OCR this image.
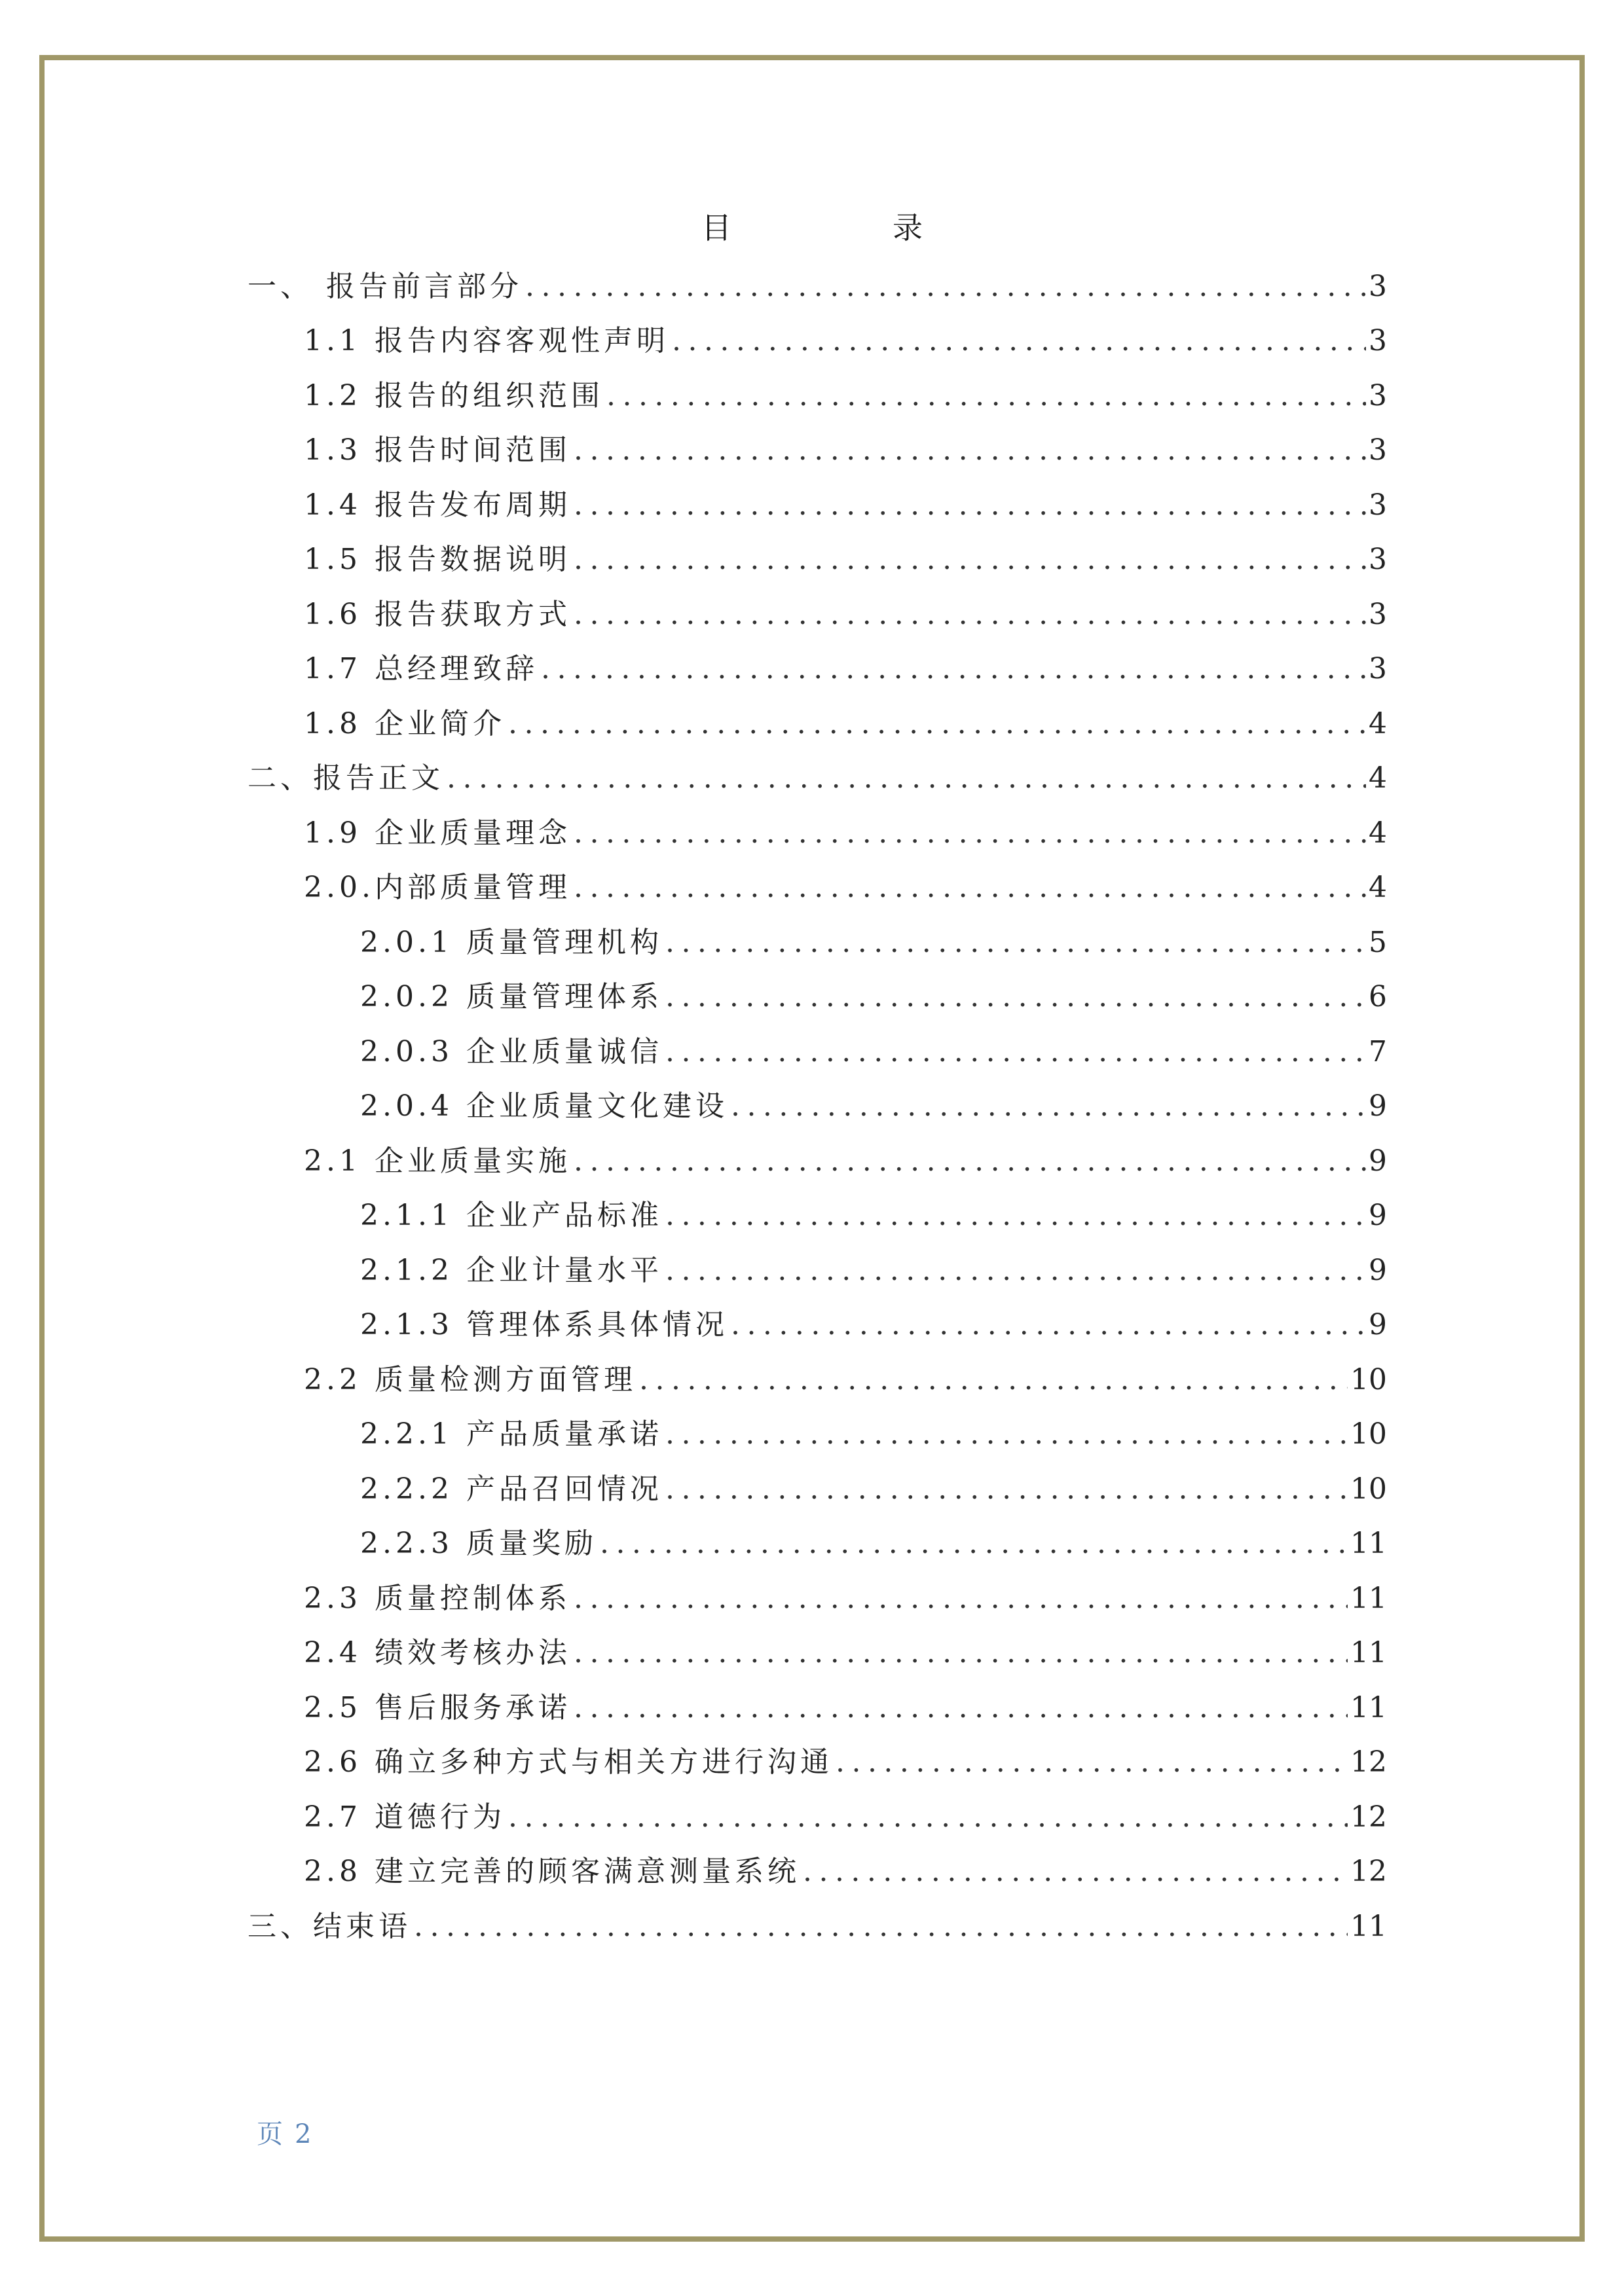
目　录
一、 报告前言部分 .....	3
1.1 报告内容客观性声明 .....	3
1.2 报告的组织范围 .....	3
1.3 报告时间范围 .....	3
1.4 报告发布周期 .....	3
1.5 报告数据说明 .....	3
1.6 报告获取方式 .....	3
1.7 总经理致辞 .....	3
1.8 企业简介 .....	4
二、报告正文 .....	4
1.9 企业质量理念 .....	4
2.0.内部质量管理 .....	4
2.0.1 质量管理机构 .....	5
2.0.2 质量管理体系 .....	6
2.0.3 企业质量诚信 .....	7
2.0.4 企业质量文化建设 .....	9
2.1 企业质量实施 .....	9
2.1.1 企业产品标准 .....	9
2.1.2 企业计量水平 .....	9
2.1.3 管理体系具体情况 .....	9
2.2 质量检测方面管理 .....	10
2.2.1 产品质量承诺 .....	10
2.2.2 产品召回情况 .....	10
2.2.3 质量奖励 .....	11
2.3 质量控制体系 .....	11
2.4 绩效考核办法 .....	11
2.5 售后服务承诺 .....	11
2.6 确立多种方式与相关方进行沟通 .....	12
2.7 道德行为 .....	12
2.8 建立完善的顾客满意测量系统 .....	12
三、结束语 .....	11
页 2
